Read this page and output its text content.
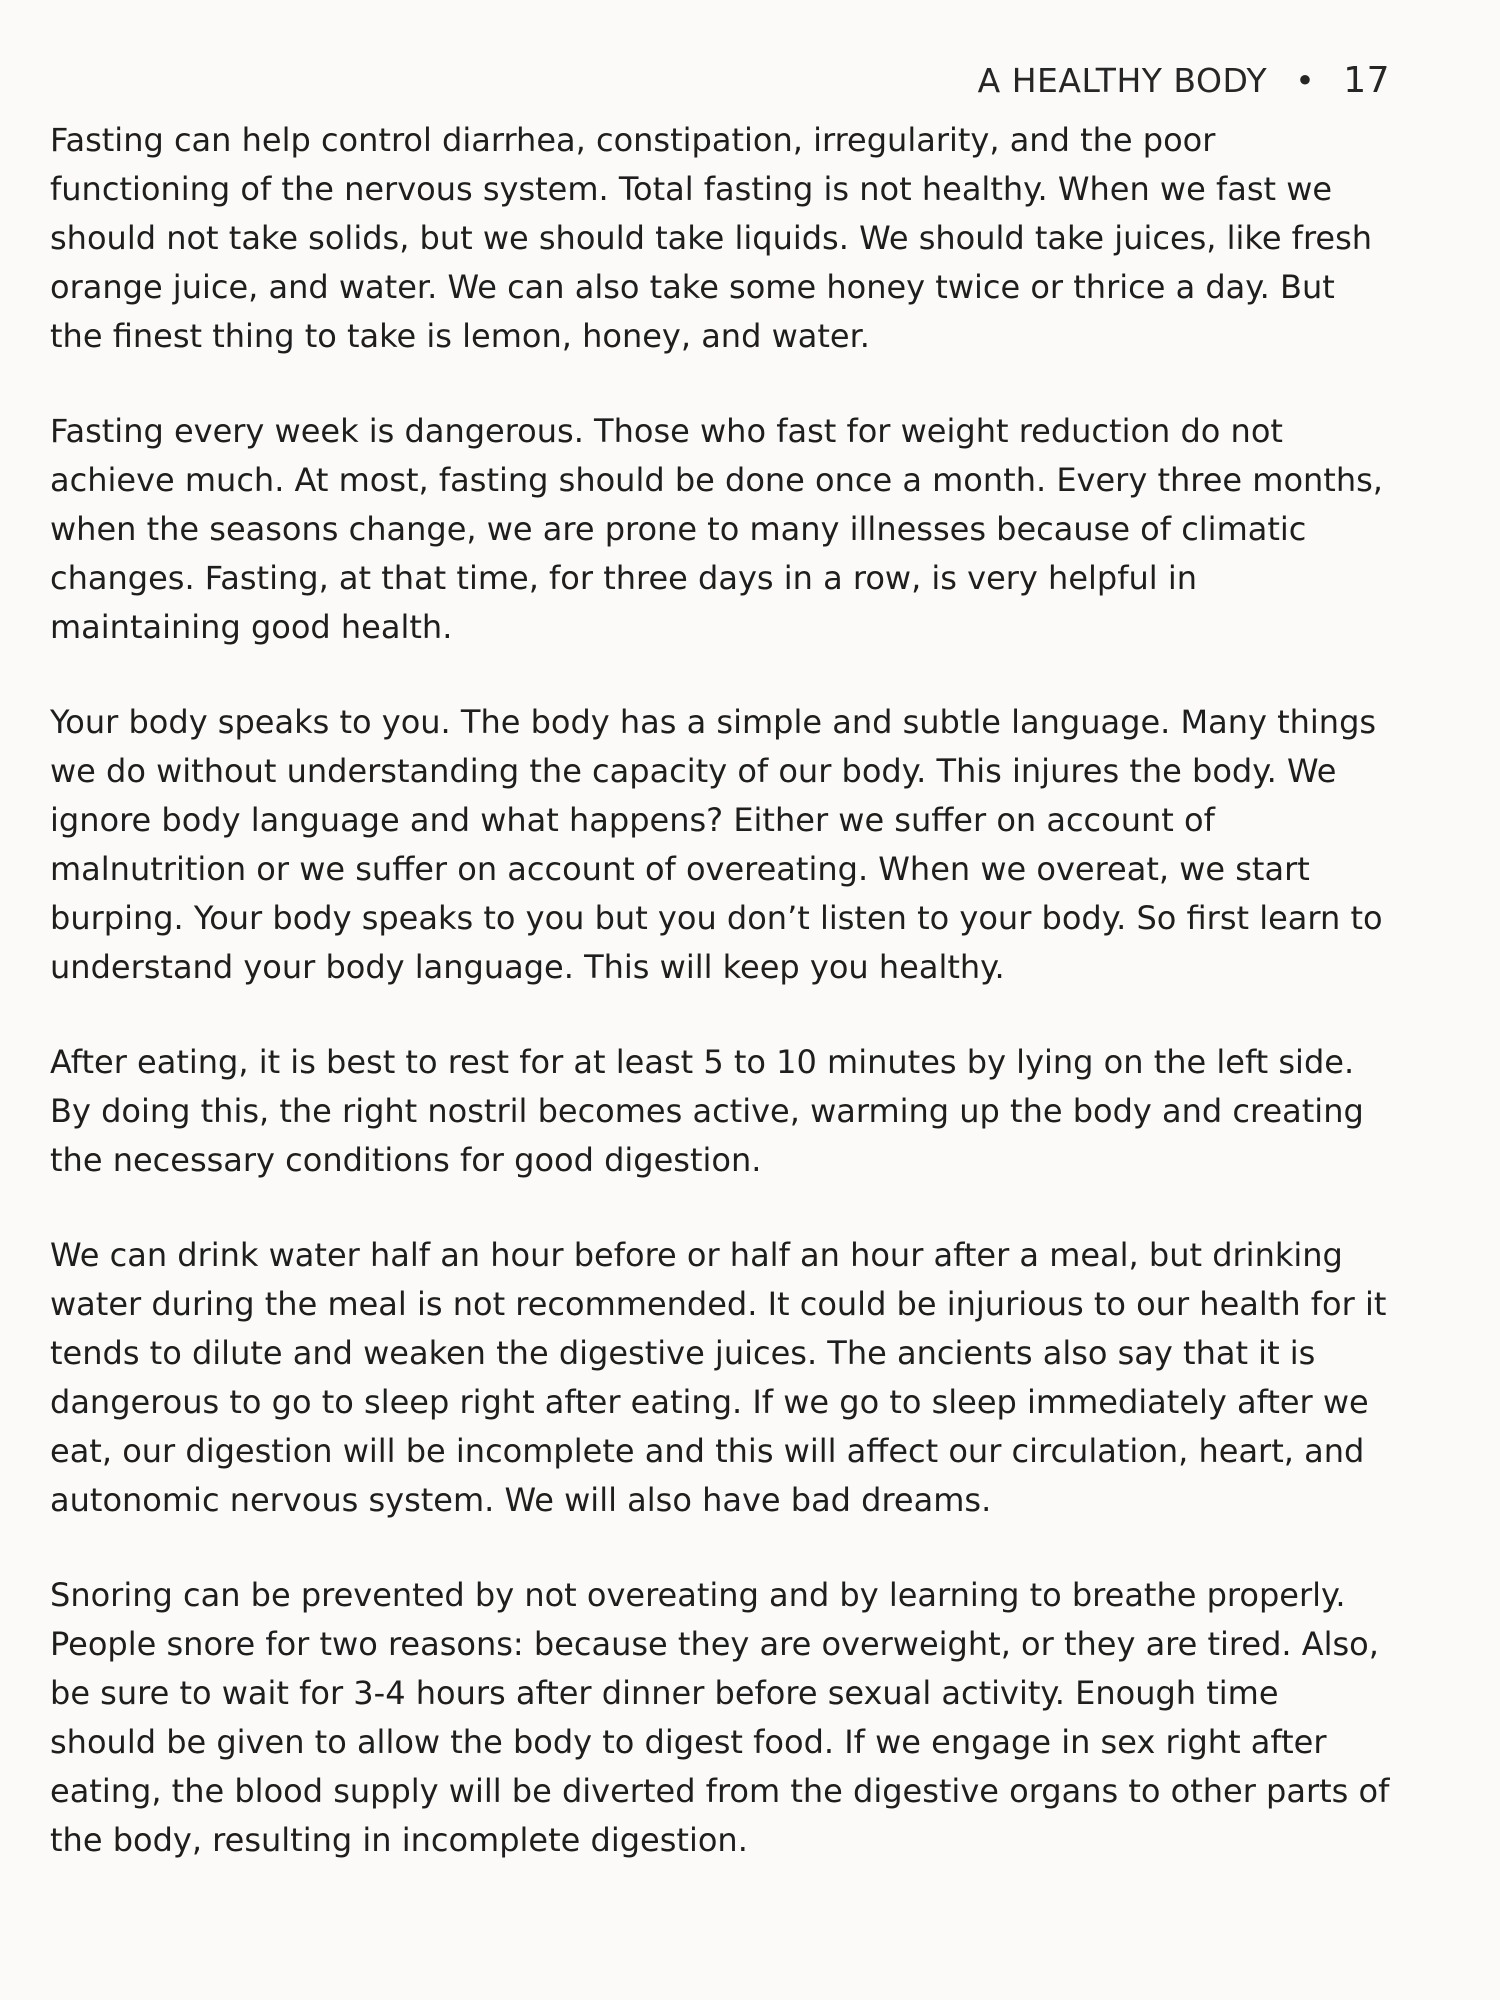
A HEALTHY BODY • 17

Fasting can help control diarrhea, constipation, irregularity, and the poor functioning of the nervous system. Total fasting is not healthy. When we fast we should not take solids, but we should take liquids. We should take juices, like fresh orange juice, and water. We can also take some honey twice or thrice a day. But the finest thing to take is lemon, honey, and water.

Fasting every week is dangerous. Those who fast for weight reduction do not achieve much. At most, fasting should be done once a month. Every three months, when the seasons change, we are prone to many illnesses because of climatic changes. Fasting, at that time, for three days in a row, is very helpful in maintaining good health.

Your body speaks to you. The body has a simple and subtle language. Many things we do without understanding the capacity of our body. This injures the body. We ignore body language and what happens? Either we suffer on account of malnutrition or we suffer on account of overeating. When we overeat, we start burping. Your body speaks to you but you don’t listen to your body. So first learn to understand your body language. This will keep you healthy.

After eating, it is best to rest for at least 5 to 10 minutes by lying on the left side. By doing this, the right nostril becomes active, warming up the body and creating the necessary conditions for good digestion.

We can drink water half an hour before or half an hour after a meal, but drinking water during the meal is not recommended. It could be injurious to our health for it tends to dilute and weaken the digestive juices. The ancients also say that it is dangerous to go to sleep right after eating. If we go to sleep immediately after we eat, our digestion will be incomplete and this will affect our circulation, heart, and autonomic nervous system. We will also have bad dreams.

Snoring can be prevented by not overeating and by learning to breathe properly. People snore for two reasons: because they are overweight, or they are tired. Also, be sure to wait for 3-4 hours after dinner before sexual activity. Enough time should be given to allow the body to digest food. If we engage in sex right after eating, the blood supply will be diverted from the digestive organs to other parts of the body, resulting in incomplete digestion.
